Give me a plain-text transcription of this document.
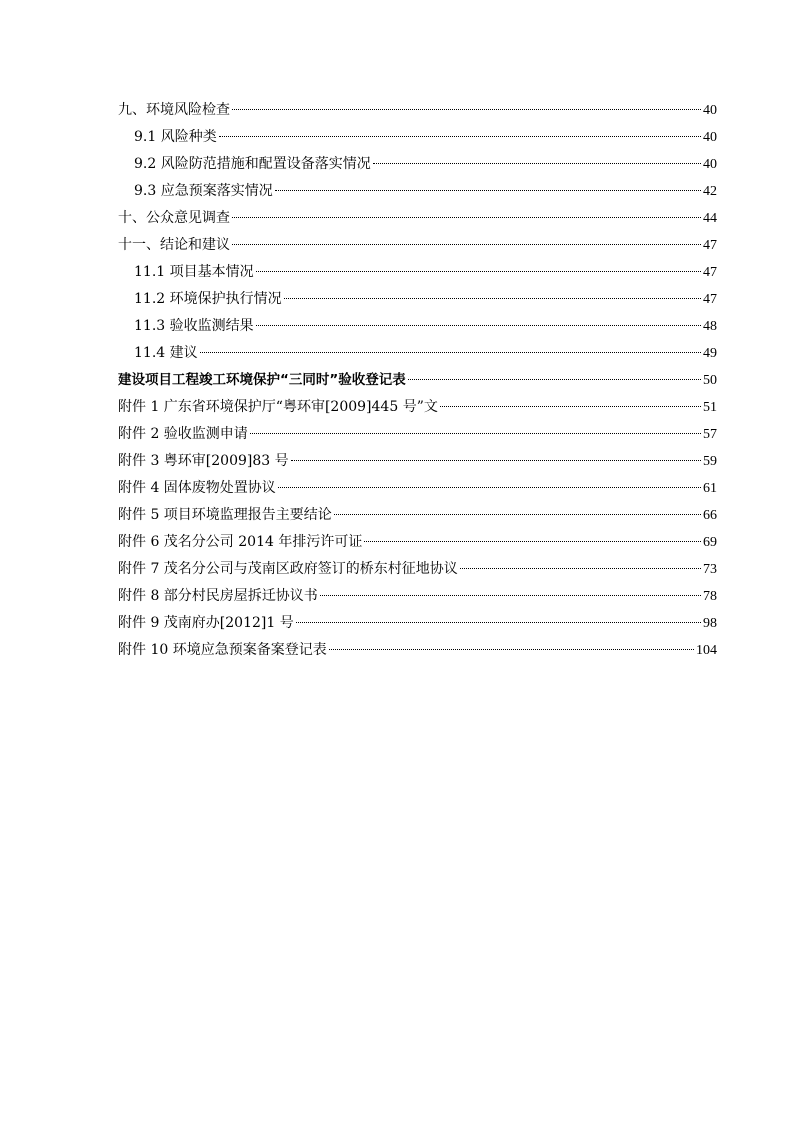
九、环境风险检查	40
9.1 风险种类	40
9.2 风险防范措施和配置设备落实情况	40
9.3 应急预案落实情况	42
十、公众意见调查	44
十一、结论和建议	47
11.1 项目基本情况	47
11.2 环境保护执行情况	47
11.3 验收监测结果	48
11.4 建议	49
建设项目工程竣工环境保护“三同时”验收登记表	50
附件 1 广东省环境保护厅“粤环审[2009]445 号”文	51
附件 2 验收监测申请	57
附件 3 粤环审[2009]83 号	59
附件 4 固体废物处置协议	61
附件 5 项目环境监理报告主要结论	66
附件 6 茂名分公司 2014 年排污许可证	69
附件 7 茂名分公司与茂南区政府签订的桥东村征地协议	73
附件 8 部分村民房屋拆迁协议书	78
附件 9 茂南府办[2012]1 号	98
附件 10 环境应急预案备案登记表	104
